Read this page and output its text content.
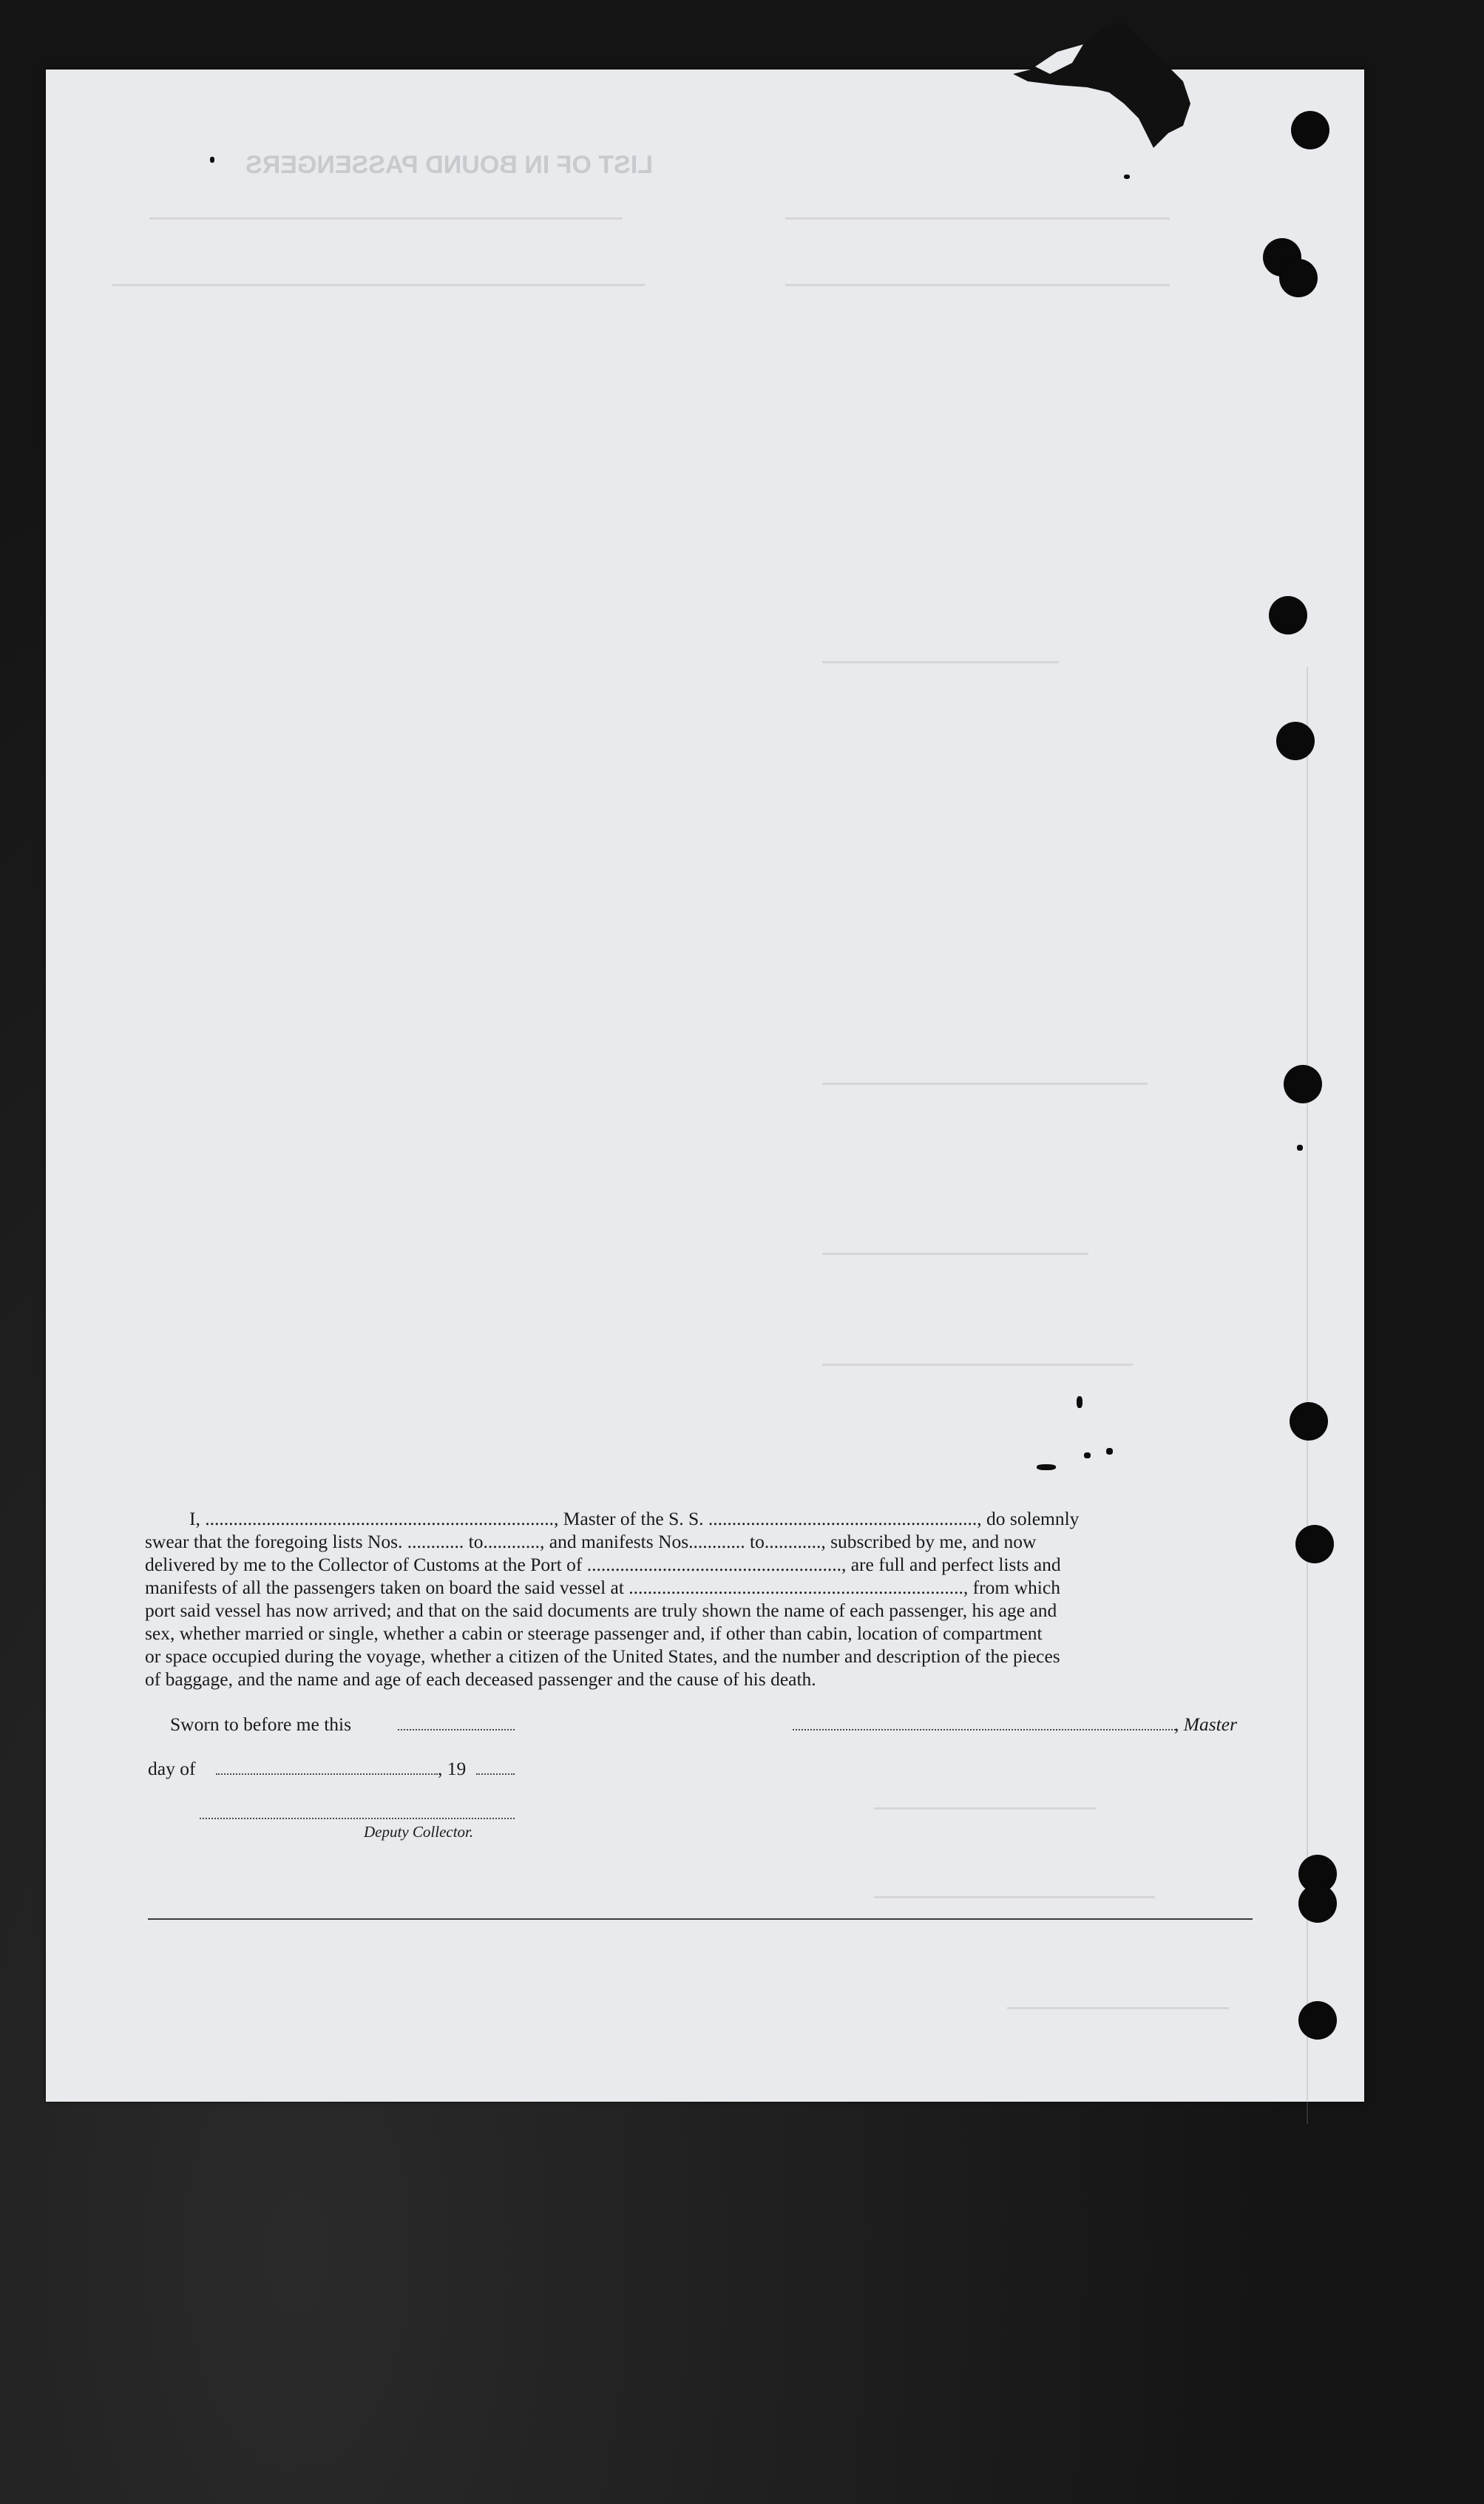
LIST OF IN BOUND PASSENGERS

I, .........................................................................., Master of the S. S. ........................................................., do solemnly

swear that the foregoing lists Nos. ............ to............, and manifests Nos............ to............, subscribed by me, and now

delivered by me to the Collector of Customs at the Port of ......................................................, are full and perfect lists and

manifests of all the passengers taken on board the said vessel at ......................................................................., from which

port said vessel has now arrived; and that on the said documents are truly shown the name of each passenger, his age and

sex, whether married or single, whether a cabin or steerage passenger and, if other than cabin, location of compartment

or space occupied during the voyage, whether a citizen of the United States, and the number and description of the pieces

of baggage, and the name and age of each deceased passenger and the cause of his death.

Sworn to before me this	, Master
day of	, 19
Deputy Collector.
